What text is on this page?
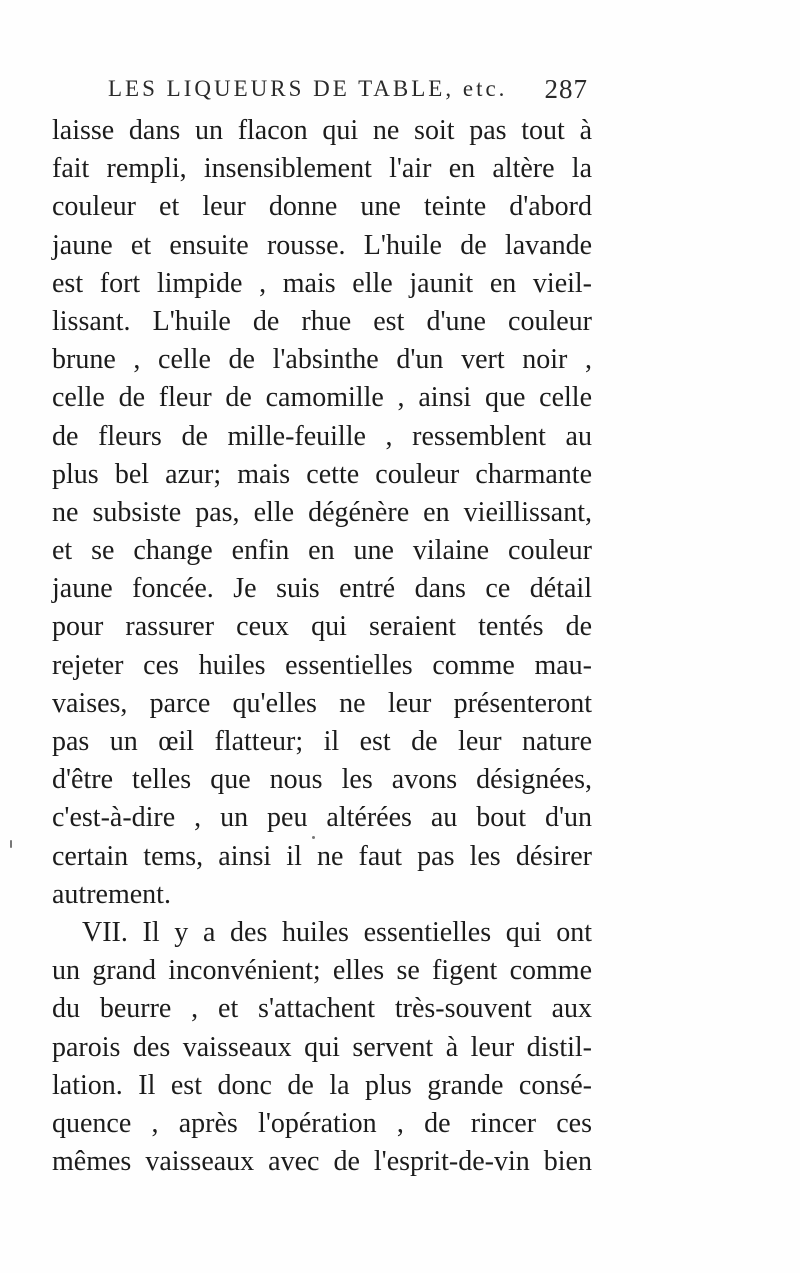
LES LIQUEURS DE TABLE, etc. 287
laisse dans un flacon qui ne soit pas tout à
fait rempli, insensiblement l'air en altère la
couleur et leur donne une teinte d'abord
jaune et ensuite rousse. L'huile de lavande
est fort limpide , mais elle jaunit en vieil-
lissant. L'huile de rhue est d'une couleur
brune , celle de l'absinthe d'un vert noir ,
celle de fleur de camomille , ainsi que celle
de fleurs de mille-feuille , ressemblent au
plus bel azur; mais cette couleur charmante
ne subsiste pas, elle dégénère en vieillissant,
et se change enfin en une vilaine couleur
jaune foncée. Je suis entré dans ce détail
pour rassurer ceux qui seraient tentés de
rejeter ces huiles essentielles comme mau-
vaises, parce qu'elles ne leur présenteront
pas un œil flatteur; il est de leur nature
d'être telles que nous les avons désignées,
c'est-à-dire , un peu altérées au bout d'un
certain tems, ainsi il ne faut pas les désirer
autrement.
VII. Il y a des huiles essentielles qui ont
un grand inconvénient; elles se figent comme
du beurre , et s'attachent très-souvent aux
parois des vaisseaux qui servent à leur distil-
lation. Il est donc de la plus grande consé-
quence , après l'opération , de rincer ces
mêmes vaisseaux avec de l'esprit-de-vin bien
